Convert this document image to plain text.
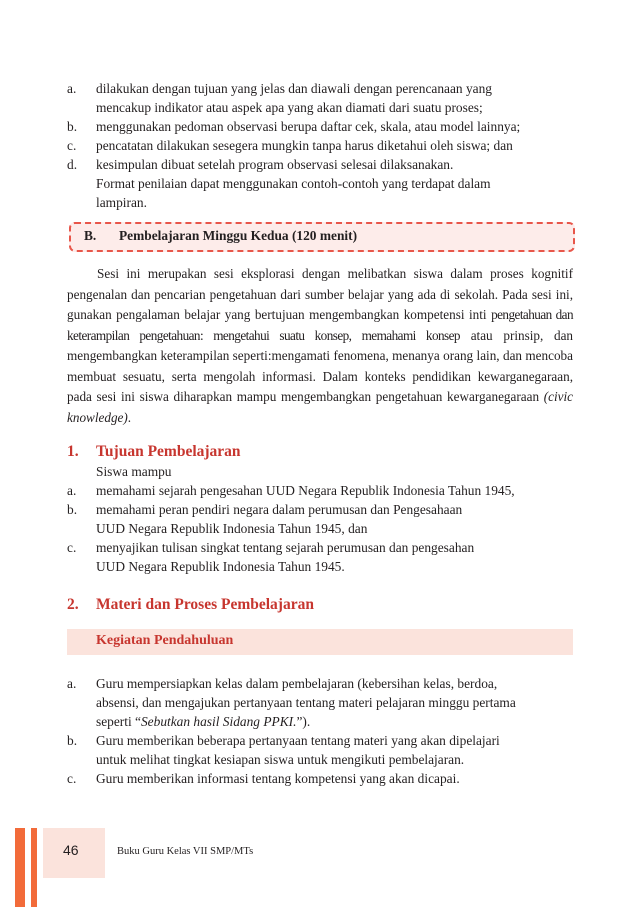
a. dilakukan dengan tujuan yang jelas dan diawali dengan perencanaan yang
mencakup indikator atau aspek apa yang akan diamati dari suatu proses;
b. menggunakan pedoman observasi berupa daftar cek, skala, atau model lainnya;
c. pencatatan dilakukan sesegera mungkin tanpa harus diketahui oleh siswa; dan
d. kesimpulan dibuat setelah program observasi selesai dilaksanakan.
Format penilaian dapat menggunakan contoh-contoh yang terdapat dalam
lampiran.
B. Pembelajaran Minggu Kedua (120 menit)

Sesi ini merupakan sesi eksplorasi dengan melibatkan siswa dalam proses kognitif pengenalan dan pencarian pengetahuan dari sumber belajar yang ada di sekolah. Pada sesi ini, gunakan pengalaman belajar yang bertujuan mengembangkan kompetensi inti pengetahuan dan keterampilan pengetahuan: mengetahui suatu konsep, memahami konsep atau prinsip, dan mengembangkan keterampilan seperti:mengamati fenomena, menanya orang lain, dan mencoba membuat sesuatu, serta mengolah informasi. Dalam konteks pendidikan kewarganegaraan, pada sesi ini siswa diharapkan mampu mengembangkan pengetahuan kewarganegaraan (civic knowledge).

1. Tujuan Pembelajaran
Siswa mampu
a. memahami sejarah pengesahan UUD Negara Republik Indonesia Tahun 1945,
b. memahami peran pendiri negara dalam perumusan dan Pengesahaan
UUD Negara Republik Indonesia Tahun 1945, dan
c. menyajikan tulisan singkat tentang sejarah perumusan dan pengesahan
UUD Negara Republik Indonesia Tahun 1945.
2. Materi dan Proses Pembelajaran
Kegiatan Pendahuluan
a. Guru mempersiapkan kelas dalam pembelajaran (kebersihan kelas, berdoa,
absensi, dan mengajukan pertanyaan tentang materi pelajaran minggu pertama
seperti “Sebutkan hasil Sidang PPKI.”).
b. Guru memberikan beberapa pertanyaan tentang materi yang akan dipelajari
untuk melihat tingkat kesiapan siswa untuk mengikuti pembelajaran.
c. Guru memberikan informasi tentang kompetensi yang akan dicapai.
46	Buku Guru Kelas VII SMP/MTs
